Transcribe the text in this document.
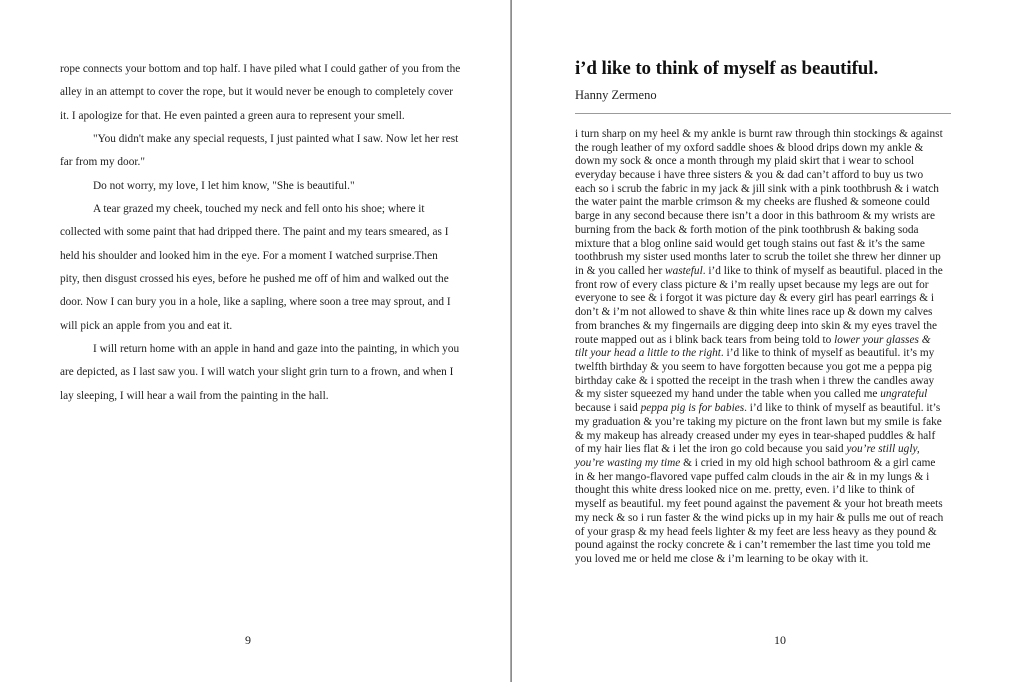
rope connects your bottom and top half. I have piled what I could gather of you from the
alley in an attempt to cover the rope, but it would never be enough to completely cover
it. I apologize for that. He even painted a green aura to represent your smell.
"You didn't make any special requests, I just painted what I saw. Now let her rest
far from my door."
Do not worry, my love, I let him know, "She is beautiful."
A tear grazed my cheek, touched my neck and fell onto his shoe; where it
collected with some paint that had dripped there. The paint and my tears smeared, as I
held his shoulder and looked him in the eye. For a moment I watched surprise.Then
pity, then disgust crossed his eyes, before he pushed me off of him and walked out the
door. Now I can bury you in a hole, like a sapling, where soon a tree may sprout, and I
will pick an apple from you and eat it.
I will return home with an apple in hand and gaze into the painting, in which you
are depicted, as I last saw you. I will watch your slight grin turn to a frown, and when I
lay sleeping, I will hear a wail from the painting in the hall.
9
i’d like to think of myself as beautiful.
Hanny Zermeno
i turn sharp on my heel & my ankle is burnt raw through thin stockings & against
the rough leather of my oxford saddle shoes & blood drips down my ankle &
down my sock & once a month through my plaid skirt that i wear to school
everyday because i have three sisters & you & dad can’t afford to buy us two
each so i scrub the fabric in my jack & jill sink with a pink toothbrush & i watch
the water paint the marble crimson & my cheeks are flushed & someone could
barge in any second because there isn’t a door in this bathroom & my wrists are
burning from the back & forth motion of the pink toothbrush & baking soda
mixture that a blog online said would get tough stains out fast & it’s the same
toothbrush my sister used months later to scrub the toilet she threw her dinner up
in & you called her wasteful. i’d like to think of myself as beautiful. placed in the
front row of every class picture & i’m really upset because my legs are out for
everyone to see & i forgot it was picture day & every girl has pearl earrings & i
don’t & i’m not allowed to shave & thin white lines race up & down my calves
from branches & my fingernails are digging deep into skin & my eyes travel the
route mapped out as i blink back tears from being told to lower your glasses &
tilt your head a little to the right. i’d like to think of myself as beautiful. it’s my
twelfth birthday & you seem to have forgotten because you got me a peppa pig
birthday cake & i spotted the receipt in the trash when i threw the candles away
& my sister squeezed my hand under the table when you called me ungrateful
because i said peppa pig is for babies. i’d like to think of myself as beautiful. it’s
my graduation & you’re taking my picture on the front lawn but my smile is fake
& my makeup has already creased under my eyes in tear-shaped puddles & half
of my hair lies flat & i let the iron go cold because you said you’re still ugly,
you’re wasting my time & i cried in my old high school bathroom & a girl came
in & her mango-flavored vape puffed calm clouds in the air & in my lungs & i
thought this white dress looked nice on me. pretty, even. i’d like to think of
myself as beautiful. my feet pound against the pavement & your hot breath meets
my neck & so i run faster & the wind picks up in my hair & pulls me out of reach
of your grasp & my head feels lighter & my feet are less heavy as they pound &
pound against the rocky concrete & i can’t remember the last time you told me
you loved me or held me close & i’m learning to be okay with it.
10
